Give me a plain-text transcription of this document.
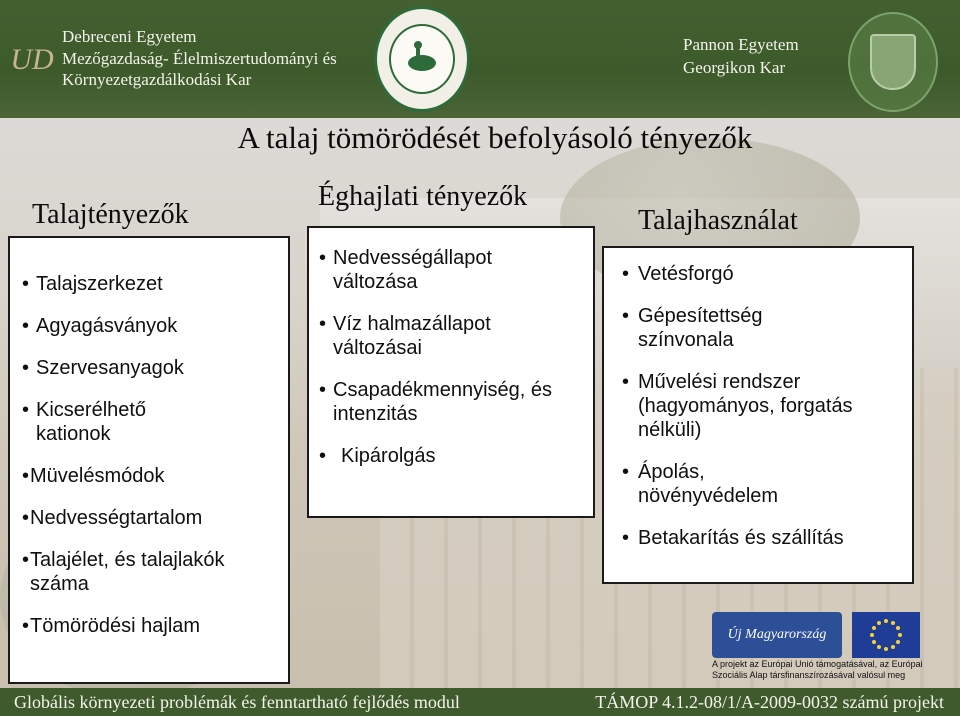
UD
Debreceni Egyetem
Mezőgazdaság- Élelmiszertudományi és
Környezetgazdálkodási Kar
Pannon Egyetem
Georgikon Kar
A talaj tömörödését befolyásoló tényezők
Talajtényezők
• Talajszerkezet
• Agyagásványok
• Szervesanyagok
• Kicserélhető kationok
• Müvelésmódok
• Nedvességtartalom
• Talajélet, és talajlakók száma
• Tömörödési hajlam
Éghajlati tényezők
• Nedvességállapot változása
• Víz halmazállapot változásai
• Csapadékmennyiség, és intenzitás
• Kipárolgás
Talajhasználat
• Vetésforgó
• Gépesítettség színvonala
• Művelési rendszer (hagyományos, forgatás nélküli)
• Ápolás, növényvédelem
• Betakarítás és szállítás
Új Magyarország
A projekt az Európai Unió támogatásával, az Európai
Szociális Alap társfinanszírozásával valósul meg
Globális környezeti problémák és fenntartható fejlődés modul	TÁMOP 4.1.2-08/1/A-2009-0032 számú projekt
